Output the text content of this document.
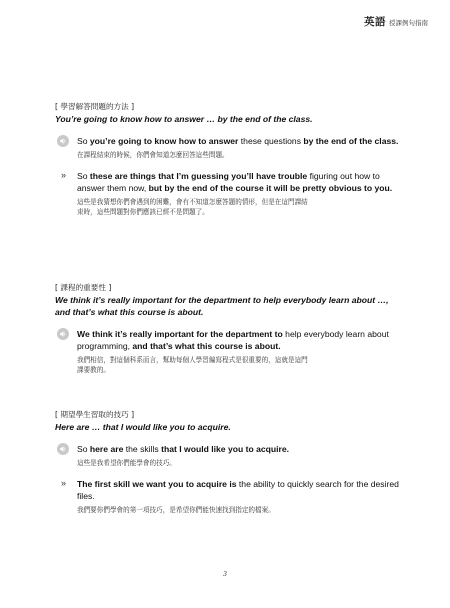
英語 授課例句指南
[ 學習解答問題的方法 ]
You’re going to know how to answer … by the end of the class.
So you’re going to know how to answer these questions by the end of the class.
在課程結束的時候，你們會知道怎麼回答這些問題。
» So these are things that I’m guessing you’ll have trouble figuring out how to answer them now, but by the end of the course it will be pretty obvious to you.
這些是我猜想你們會遇到的困難，會有不知道怎麼答題的情形，但是在這門課結
束時，這些問題對你們應該已經不是問題了。
[ 課程的重要性 ]
We think it’s really important for the department to help everybody learn about …, and that’s what this course is about.
We think it’s really important for the department to help everybody learn about programming, and that’s what this course is about.
我們相信，對這個科系而言，幫助每個人學習編寫程式是很重要的，這就是這門
課要教的。
[ 期望學生習取的技巧 ]
Here are … that I would like you to acquire.
So here are the skills that I would like you to acquire.
這些是我希望你們能學會的技巧。
» The first skill we want you to acquire is the ability to quickly search for the desired files.
我們要你們學會的第一項技巧，是希望你們能快速找到指定的檔案。
3
